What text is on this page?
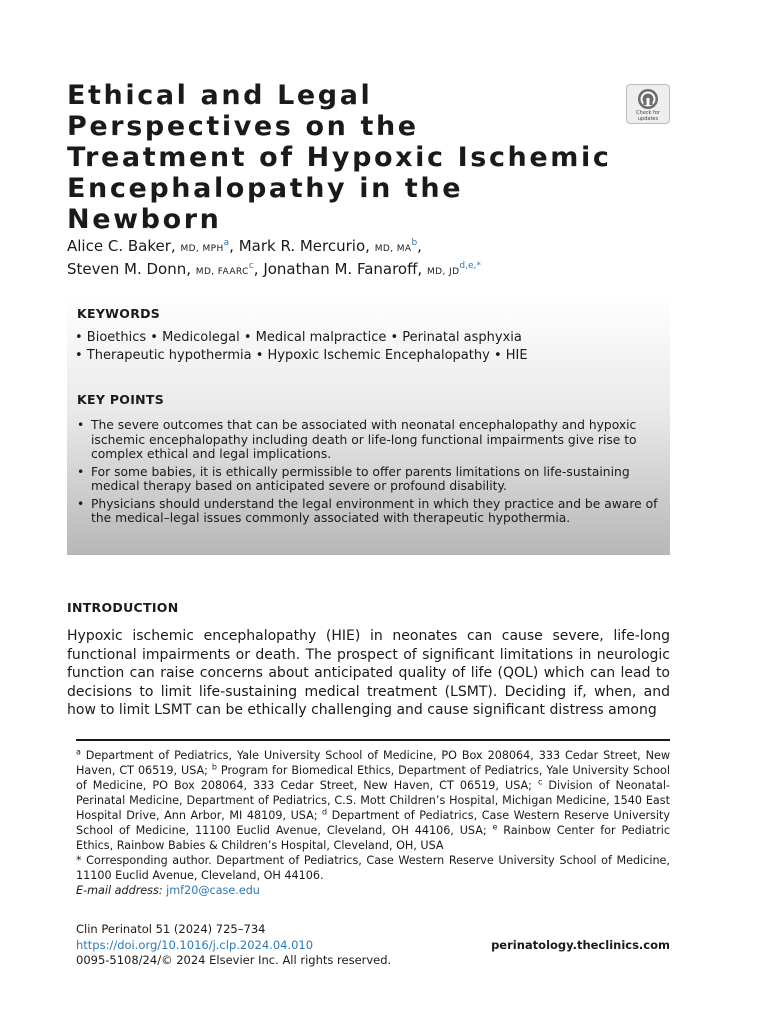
Ethical and Legal
Perspectives on the
Treatment of Hypoxic Ischemic
Encephalopathy in the Newborn
Check for
updates

Alice C. Baker, MD, MPH$^a$, Mark R. Mercurio, MD, MA$^b$,
Steven M. Donn, MD, FAARC$^c$, Jonathan M. Fanaroff, MD, JD$^{d,e,*}$

KEYWORDS
• Bioethics • Medicolegal • Medical malpractice • Perinatal asphyxia
• Therapeutic hypothermia • Hypoxic Ischemic Encephalopathy • HIE
KEY POINTS
• The severe outcomes that can be associated with neonatal encephalopathy and hypoxic ischemic encephalopathy including death or life-long functional impairments give rise to complex ethical and legal implications.
• For some babies, it is ethically permissible to offer parents limitations on life-sustaining medical therapy based on anticipated severe or profound disability.
• Physicians should understand the legal environment in which they practice and be aware of the medical–legal issues commonly associated with therapeutic hypothermia.
INTRODUCTION

Hypoxic ischemic encephalopathy (HIE) in neonates can cause severe, life-long functional impairments or death. The prospect of significant limitations in neurologic function can raise concerns about anticipated quality of life (QOL) which can lead to decisions to limit life-sustaining medical treatment (LSMT). Deciding if, when, and how to limit LSMT can be ethically challenging and cause significant distress among

$^a$ Department of Pediatrics, Yale University School of Medicine, PO Box 208064, 333 Cedar Street, New Haven, CT 06519, USA; $^b$ Program for Biomedical Ethics, Department of Pediatrics, Yale University School of Medicine, PO Box 208064, 333 Cedar Street, New Haven, CT 06519, USA; $^c$ Division of Neonatal-Perinatal Medicine, Department of Pediatrics, C.S. Mott Children’s Hospital, Michigan Medicine, 1540 East Hospital Drive, Ann Arbor, MI 48109, USA; $^d$ Department of Pediatrics, Case Western Reserve University School of Medicine, 11100 Euclid Avenue, Cleveland, OH 44106, USA; $^e$ Rainbow Center for Pediatric Ethics, Rainbow Babies & Children’s Hospital, Cleveland, OH, USA
* Corresponding author. Department of Pediatrics, Case Western Reserve University School of Medicine, 11100 Euclid Avenue, Cleveland, OH 44106.
E-mail address: jmf20@case.edu
Clin Perinatol 51 (2024) 725–734
https://doi.org/10.1016/j.clp.2024.04.010
0095-5108/24/© 2024 Elsevier Inc. All rights reserved.
perinatology.theclinics.com
